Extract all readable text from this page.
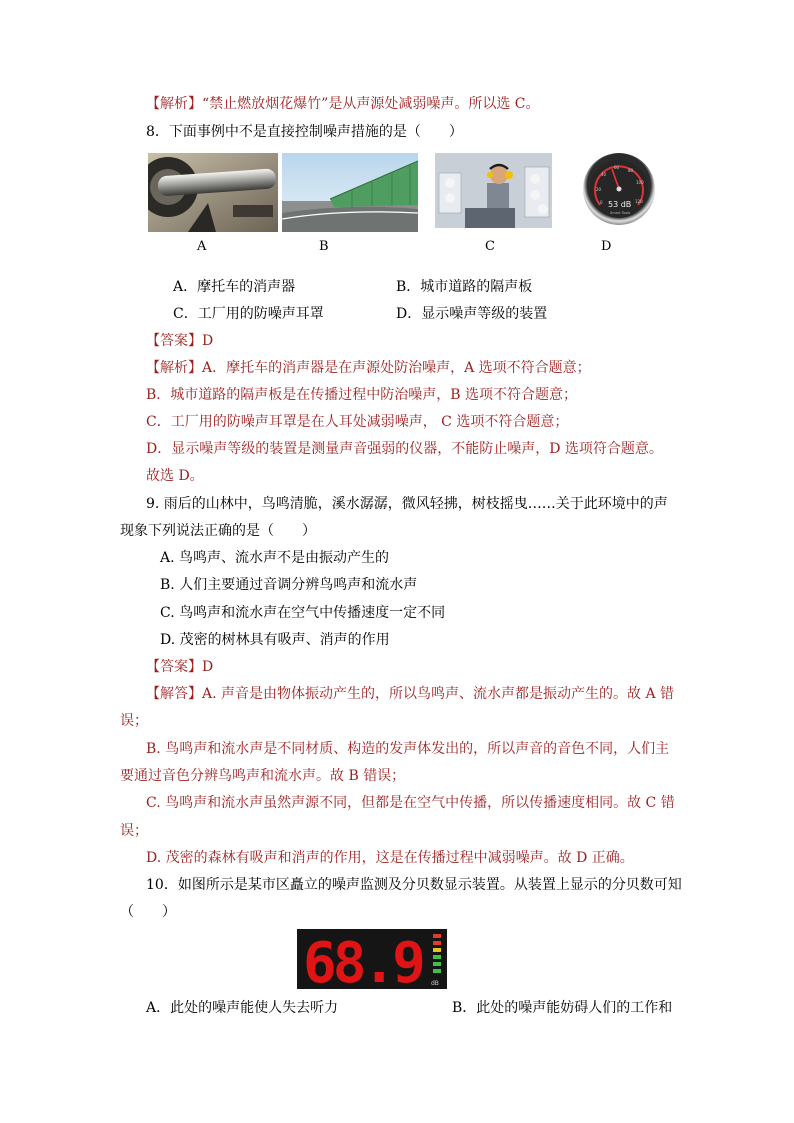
【解析】“禁止燃放烟花爆竹”是从声源处减弱噪声。所以选 C。
8．下面事例中不是直接控制噪声措施的是（　　）
40
60
80
100
120
20
0 53 dB
Smart Tools
A	B	C	D
A．摩托车的消声器	B．城市道路的隔声板
C．工厂用的防噪声耳罩	D．显示噪声等级的装置
【答案】D
【解析】A．摩托车的消声器是在声源处防治噪声，A 选项不符合题意；
B．城市道路的隔声板是在传播过程中防治噪声，B 选项不符合题意；
C．工厂用的防噪声耳罩是在人耳处减弱噪声， C 选项不符合题意；
D．显示噪声等级的装置是测量声音强弱的仪器，不能防止噪声，D 选项符合题意。
故选 D。
9. 雨后的山林中，鸟鸣清脆，溪水潺潺，微风轻拂，树枝摇曳……关于此环境中的声
现象下列说法正确的是（　　）
A. 鸟鸣声、流水声不是由振动产生的
B. 人们主要通过音调分辨鸟鸣声和流水声
C. 鸟鸣声和流水声在空气中传播速度一定不同
D. 茂密的树林具有吸声、消声的作用
【答案】D
【解答】A. 声音是由物体振动产生的，所以鸟鸣声、流水声都是振动产生的。故 A 错
误；
B. 鸟鸣声和流水声是不同材质、构造的发声体发出的，所以声音的音色不同，人们主
要通过音色分辨鸟鸣声和流水声。故 B 错误；
C. 鸟鸣声和流水声虽然声源不同，但都是在空气中传播，所以传播速度相同。故 C 错
误；
D. 茂密的森林有吸声和消声的作用，这是在传播过程中减弱噪声。故 D 正确。
10．如图所示是某市区矗立的噪声监测及分贝数显示装置。从装置上显示的分贝数可知
（　　）
68.9 dB
A．此处的噪声能使人失去听力	B．此处的噪声能妨碍人们的工作和
